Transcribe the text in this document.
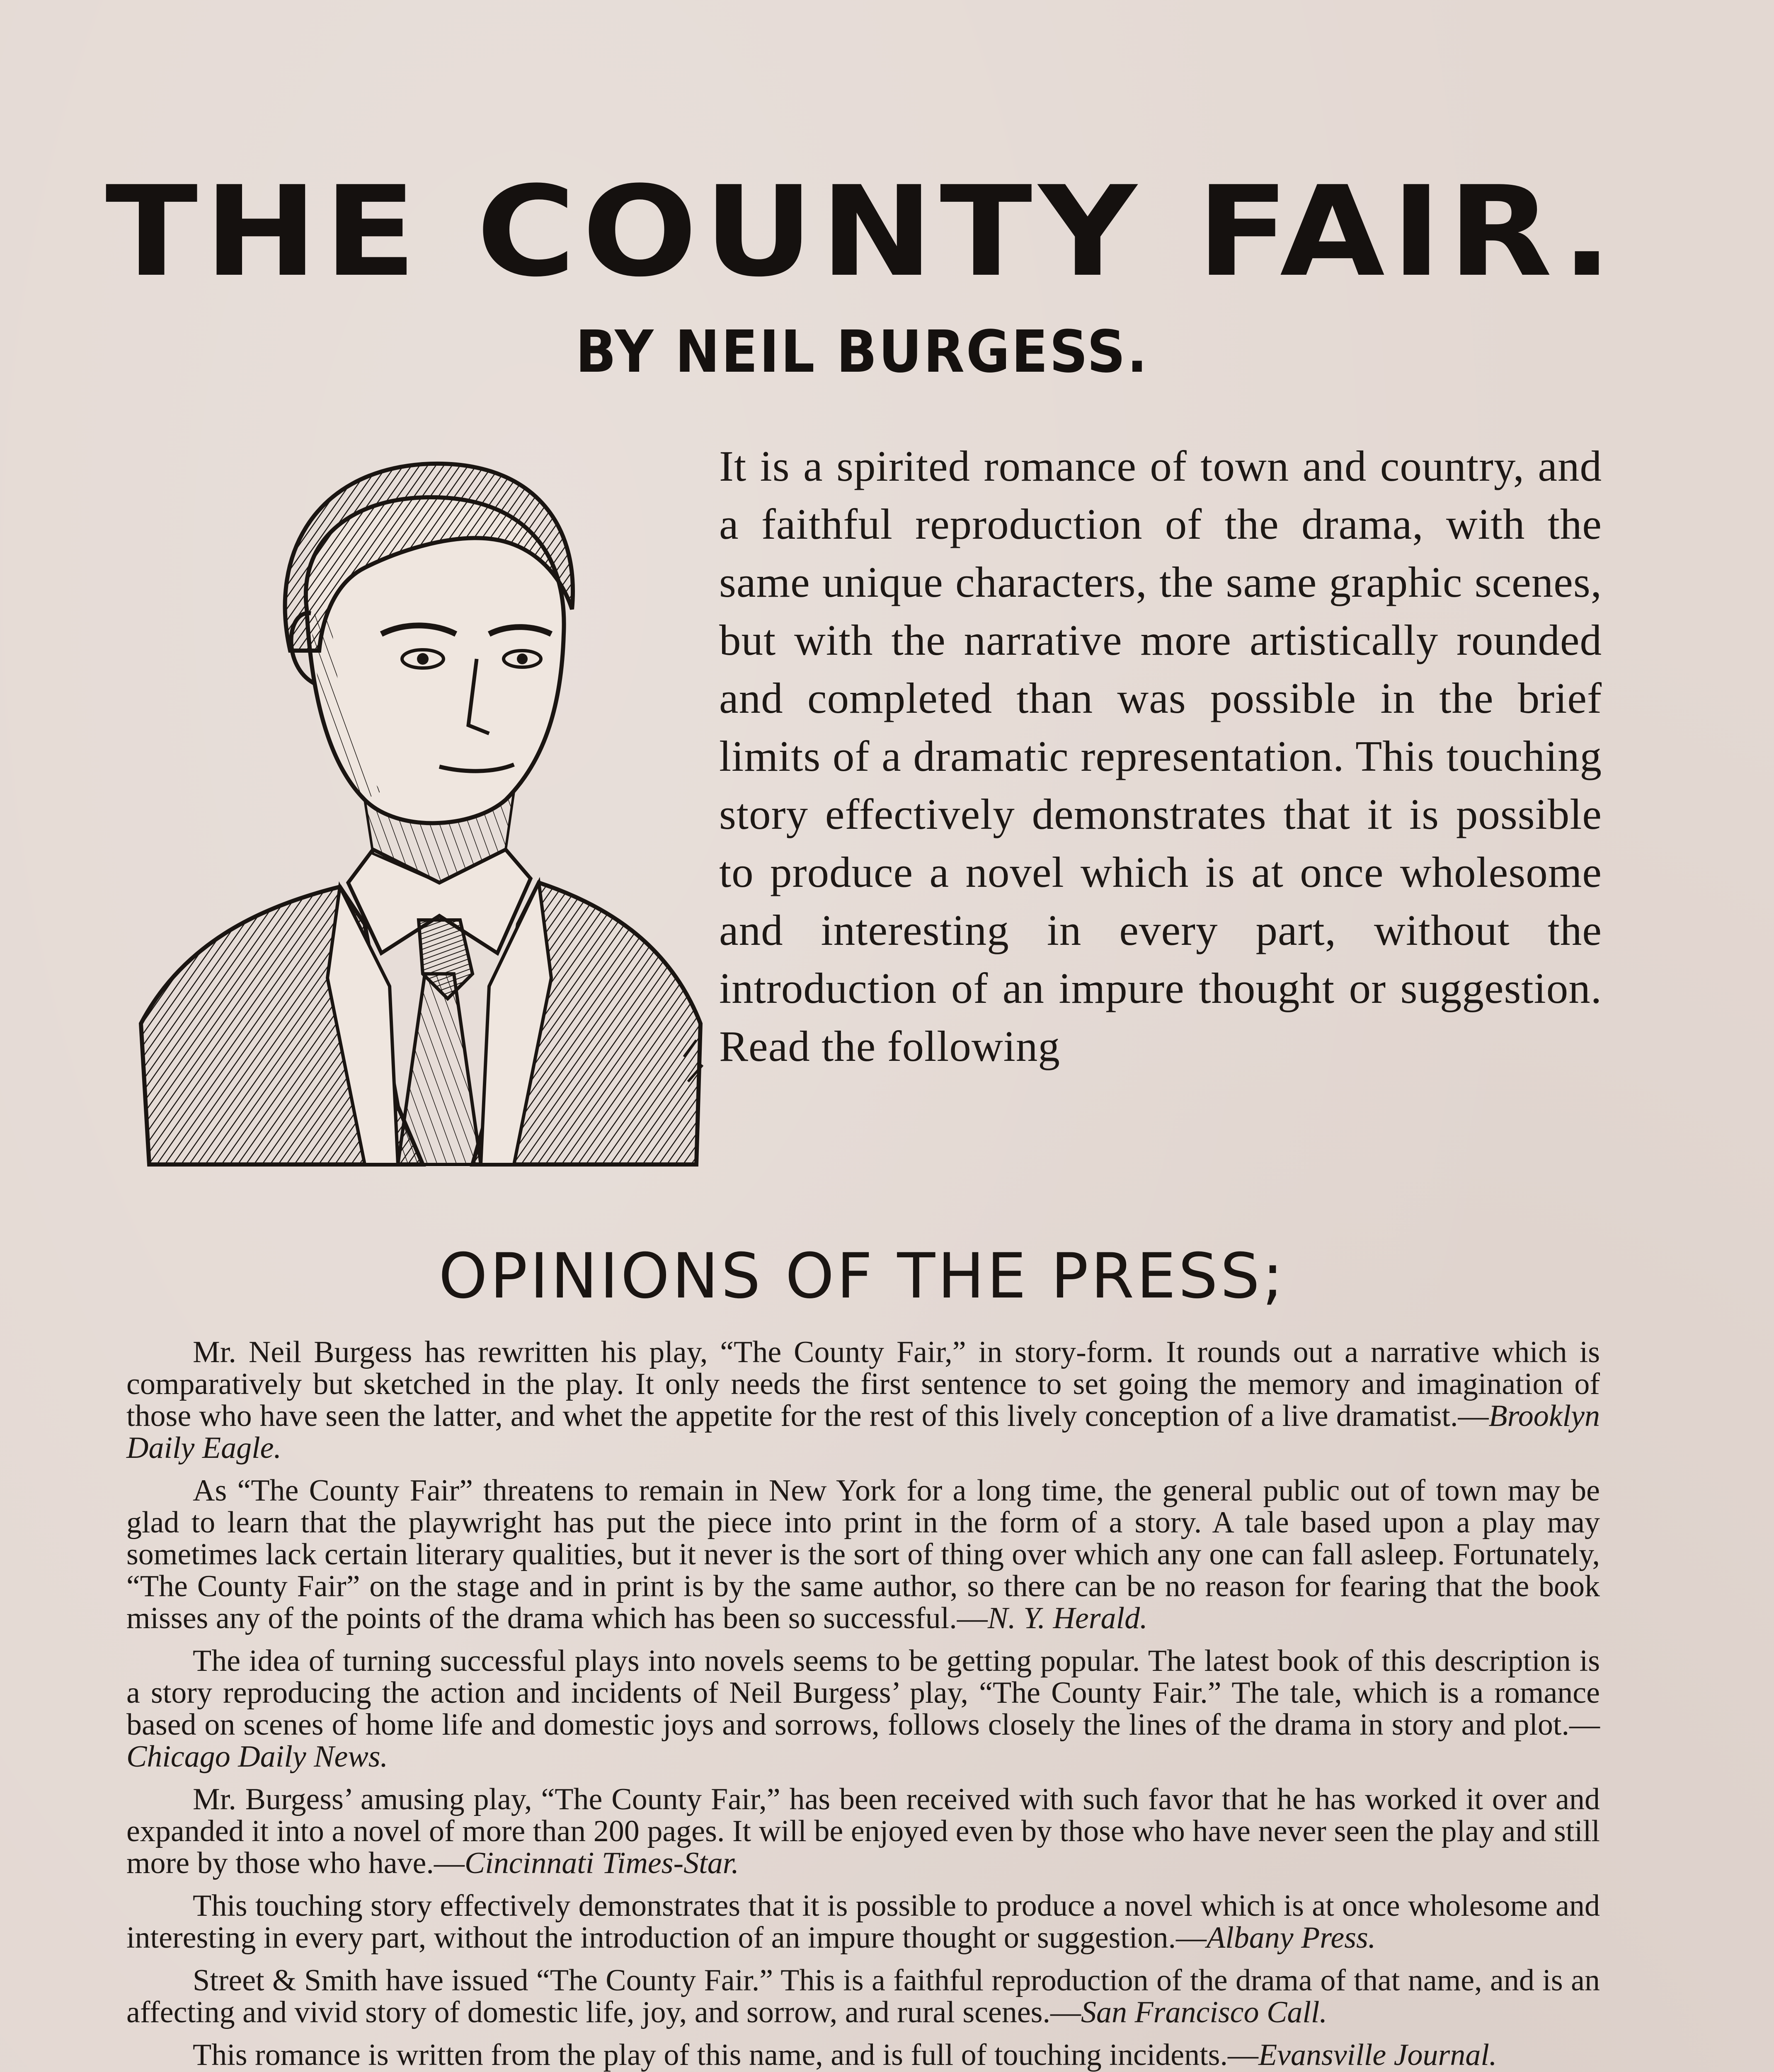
THE COUNTY FAIR.
BY NEIL BURGESS.
It is a spirited romance of town and country, and a faithful reproduction of the drama, with the same unique characters, the same graphic scenes, but with the narrative more artistically rounded and completed than was possible in the brief limits of a dramatic representation. This touching story effectively demonstrates that it is possible to produce a novel which is at once wholesome and interesting in every part, without the introduction of an impure thought or suggestion. Read the following
OPINIONS OF THE PRESS;

Mr. Neil Burgess has rewritten his play, “The County Fair,” in story-form. It rounds out a narrative which is comparatively but sketched in the play. It only needs the first sentence to set going the memory and imagination of those who have seen the latter, and whet the appetite for the rest of this lively conception of a live dramatist.—Brooklyn Daily Eagle.

As “The County Fair” threatens to remain in New York for a long time, the general public out of town may be glad to learn that the playwright has put the piece into print in the form of a story. A tale based upon a play may sometimes lack certain literary qualities, but it never is the sort of thing over which any one can fall asleep. Fortunately, “The County Fair” on the stage and in print is by the same author, so there can be no reason for fearing that the book misses any of the points of the drama which has been so successful.—N. Y. Herald.

The idea of turning successful plays into novels seems to be getting popular. The latest book of this description is a story reproducing the action and incidents of Neil Burgess’ play, “The County Fair.” The tale, which is a romance based on scenes of home life and domestic joys and sorrows, follows closely the lines of the drama in story and plot.—Chicago Daily News.

Mr. Burgess’ amusing play, “The County Fair,” has been received with such favor that he has worked it over and expanded it into a novel of more than 200 pages. It will be enjoyed even by those who have never seen the play and still more by those who have.—Cincinnati Times-Star.

This touching story effectively demonstrates that it is possible to produce a novel which is at once wholesome and interesting in every part, without the introduction of an impure thought or suggestion.—Albany Press.

Street & Smith have issued “The County Fair.” This is a faithful reproduction of the drama of that name, and is an affecting and vivid story of domestic life, joy, and sorrow, and rural scenes.—San Francisco Call.

This romance is written from the play of this name, and is full of touching incidents.—Evansville Journal.
